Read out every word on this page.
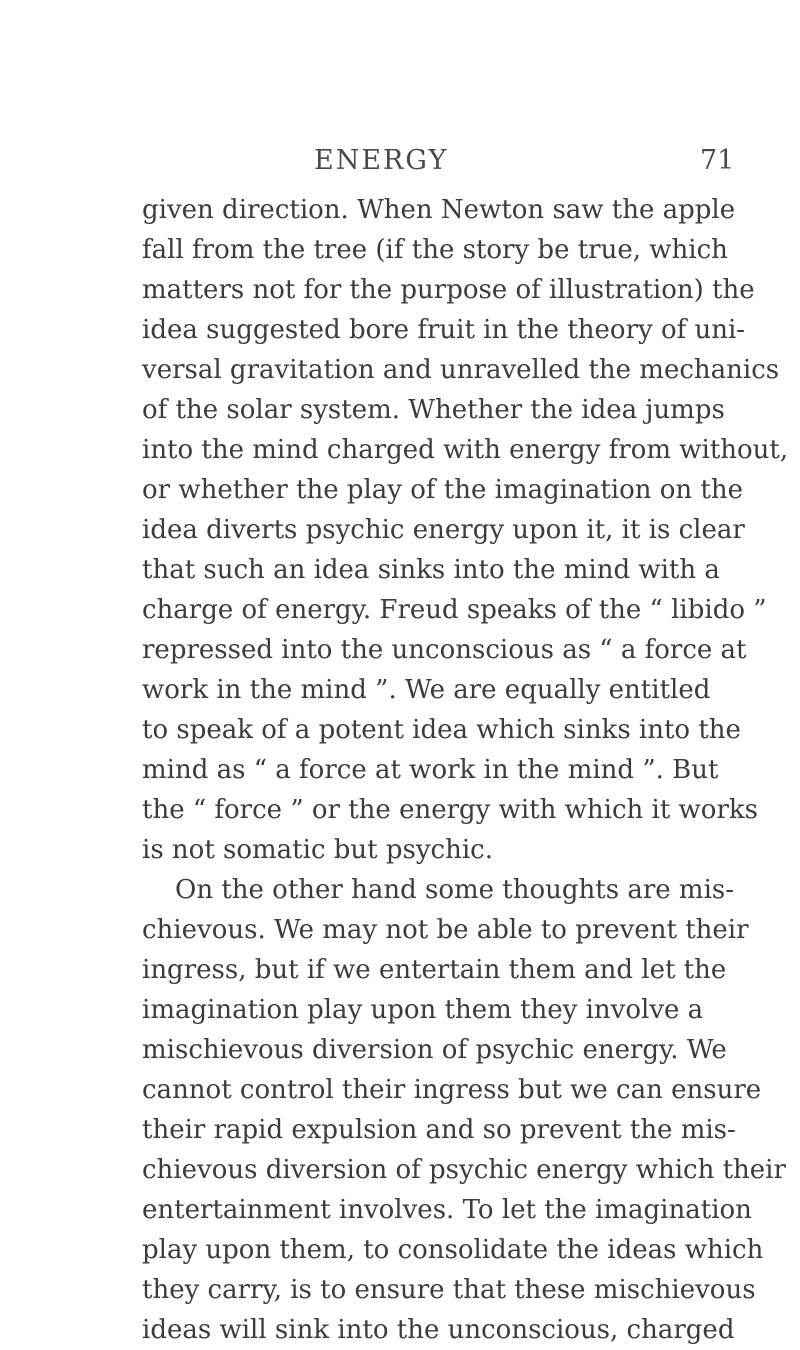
ENERGY	71
given direction. When Newton saw the apple
fall from the tree (if the story be true, which
matters not for the purpose of illustration) the
idea suggested bore fruit in the theory of uni-
versal gravitation and unravelled the mechanics
of the solar system. Whether the idea jumps
into the mind charged with energy from without,
or whether the play of the imagination on the
idea diverts psychic energy upon it, it is clear
that such an idea sinks into the mind with a
charge of energy. Freud speaks of the “ libido ”
repressed into the unconscious as “ a force at
work in the mind ”. We are equally entitled
to speak of a potent idea which sinks into the
mind as “ a force at work in the mind ”. But
the “ force ” or the energy with which it works
is not somatic but psychic.
On the other hand some thoughts are mis-
chievous. We may not be able to prevent their
ingress, but if we entertain them and let the
imagination play upon them they involve a
mischievous diversion of psychic energy. We
cannot control their ingress but we can ensure
their rapid expulsion and so prevent the mis-
chievous diversion of psychic energy which their
entertainment involves. To let the imagination
play upon them, to consolidate the ideas which
they carry, is to ensure that these mischievous
ideas will sink into the unconscious, charged
